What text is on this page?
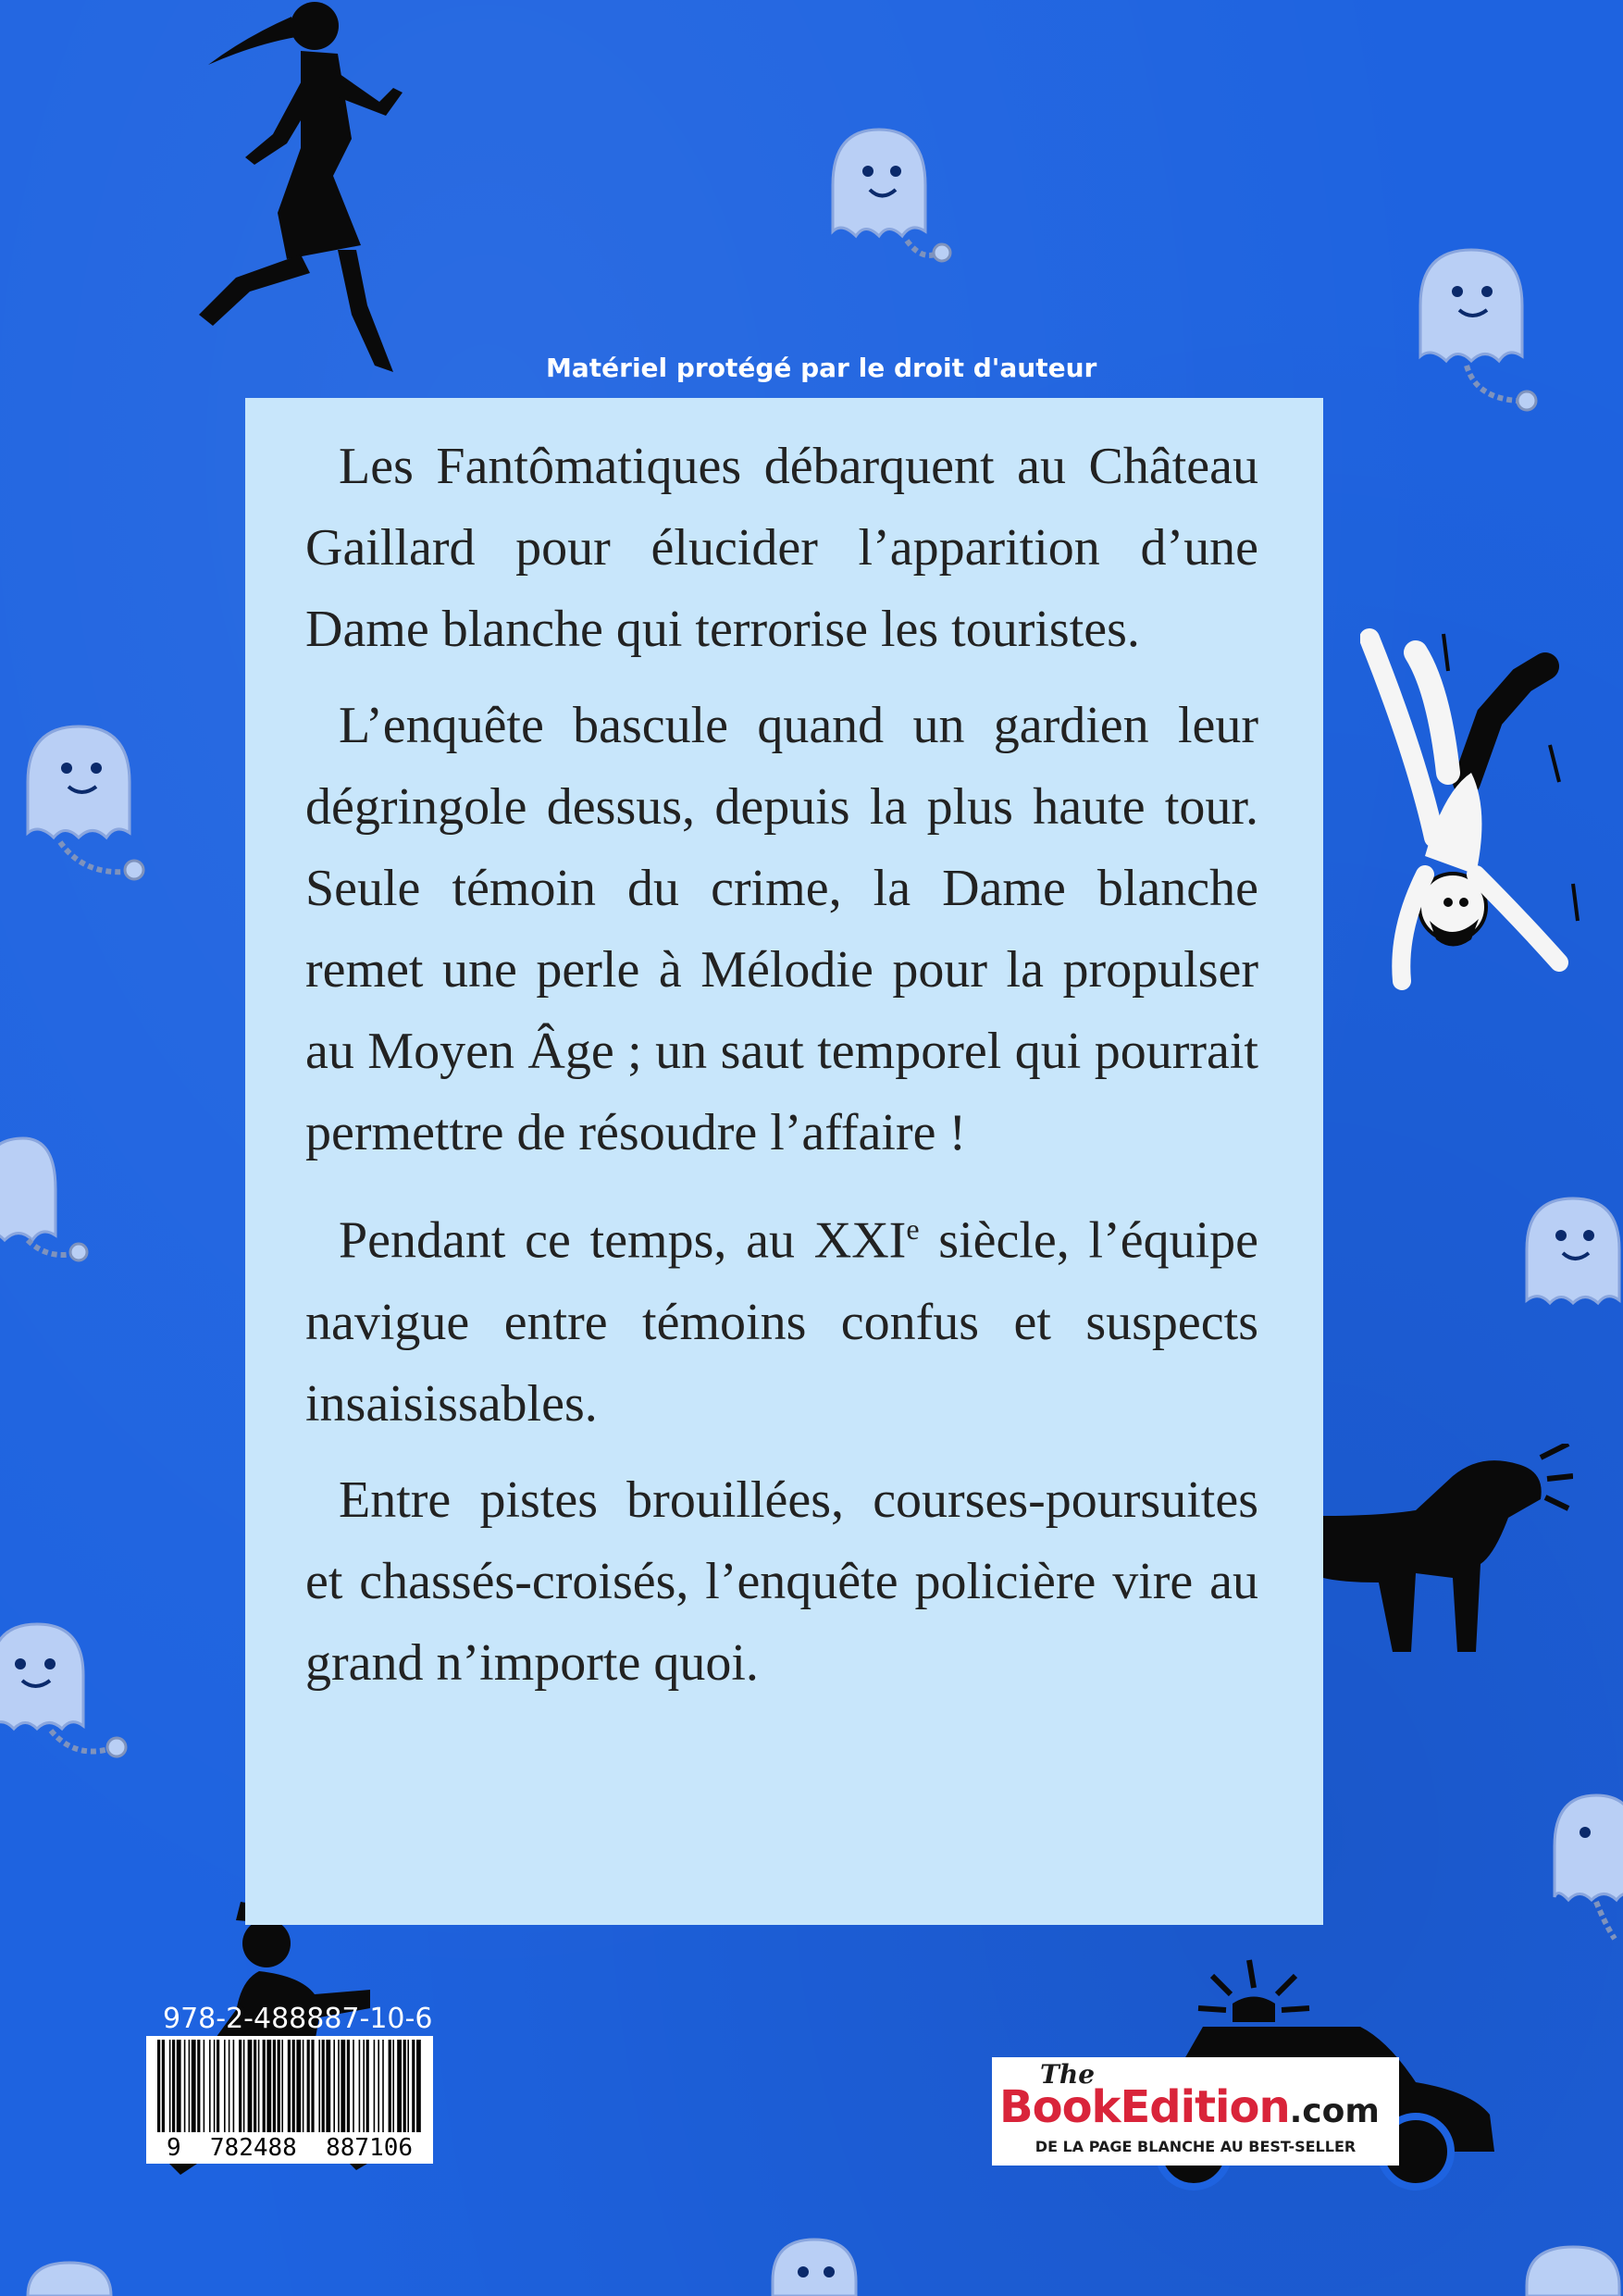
Matériel protégé par le droit d'auteur

Les Fantômatiques débarquent au Château Gaillard pour élucider l’apparition d’une Dame blanche qui terrorise les touristes.

L’enquête bascule quand un gardien leur dégringole dessus, depuis la plus haute tour. Seule témoin du crime, la Dame blanche remet une perle à Mélodie pour la propulser au Moyen Âge ; un saut temporel qui pourrait permettre de résoudre l’affaire !

Pendant ce temps, au XXIe siècle, l’équipe navigue entre témoins confus et suspects insaisissables.

Entre pistes brouillées, courses-poursuites et chassés-croisés, l’enquête policière vire au grand n’importe quoi.

978-2-488887-10-6
9  782488  887106
The
BookEdition.com
DE LA PAGE BLANCHE AU BEST-SELLER
